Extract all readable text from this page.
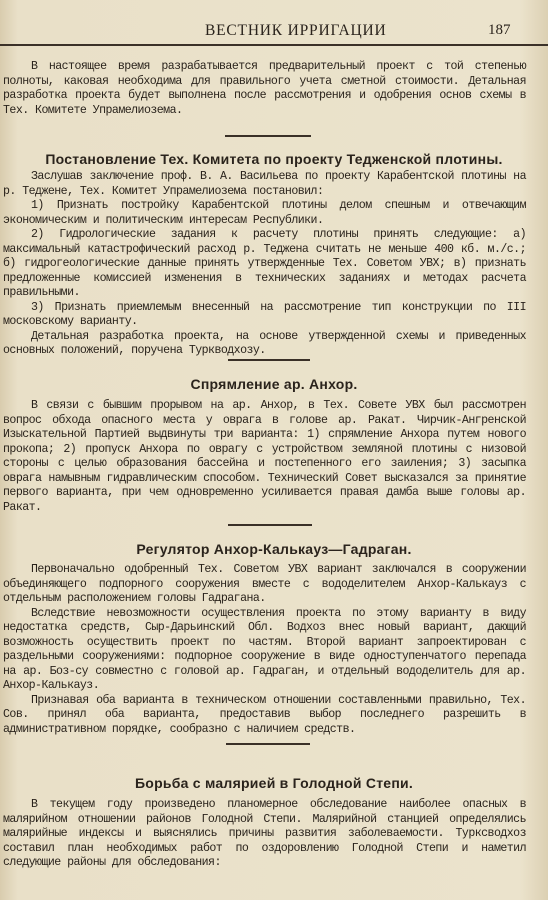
ВЕСТНИК ИРРИГАЦИИ	187

В настоящее время разрабатывается предварительный проект с той степенью полноты, каковая необходима для правильного учета сметной стоимости. Детальная разработка проекта будет выполнена после рассмотрения и одобрения основ схемы в Тех. Комитете Упрамелиозема.

Постановление Тех. Комитета по проекту Тедженской плотины.

Заслушав заключение проф. В. А. Васильева по проекту Карабентской плотины на р. Теджене, Тех. Комитет Упрамелиозема постановил:

1) Признать постройку Карабентской плотины делом спешным и отвечающим экономическим и политическим интересам Республики.

2) Гидрологические задания к расчету плотины принять следующие: а) максимальный катастрофический расход р. Теджена считать не меньше 400 кб. м./с.; б) гидрогеологические данные принять утвержденные Тех. Советом УВХ; в) признать предложенные комиссией изменения в технических заданиях и методах расчета правильными.

3) Признать приемлемым внесенный на рассмотрение тип конструкции по III московскому варианту.

Детальная разработка проекта, на основе утвержденной схемы и приведенных основных положений, поручена Турквoдхозу.

Спрямление ар. Анхор.

В связи с бывшим прорывом на ар. Анхор, в Тех. Совете УВХ был рассмотрен вопрос обхода опасного места у оврага в голове ар. Ракат. Чирчик-Ангренской Изыскательной Партией выдвинуты три варианта: 1) спрямление Анхора путем нового прокопа; 2) пропуск Анхора по оврагу с устройством земляной плотины с низовой стороны с целью образования бассейна и постепенного его заиления; 3) засыпка оврага намывным гидравлическим способом. Технический Совет высказался за принятие первого варианта, при чем одновременно усиливается правая дамба выше головы ар. Ракат.

Регулятор Анхор-Калькауз—Гадраган.

Первоначально одобренный Тех. Советом УВХ вариант заключался в сооружении объединяющего подпорного сооружения вместе с вододелителем Анхор-Калькауз с отдельным расположением головы Гадрагана.

Вследствие невозможности осуществления проекта по этому варианту в виду недостатка средств, Сыр-Дарьинский Обл. Водхоз внес новый вариант, дающий возможность осуществить проект по частям. Второй вариант запроектирован с раздельными сооружениями: подпорное сооружение в виде одноступенчатого перепада на ар. Боз-су совместно с головой ар. Гадраган, и отдельный вододелитель для ар. Анхор-Калькауз.

Признавая оба варианта в техническом отношении составленными правильно, Тех. Сов. принял оба варианта, предоставив выбор последнего разрешить в административном порядке, сообразно с наличием средств.

Борьба с малярией в Голодной Степи.

В текущем году произведено планомерное обследование наиболее опасных в малярийном отношении районов Голодной Степи. Малярийной станцией определялись малярийные индексы и выяснялись причины развития заболеваемости. Турксводхоз составил план необходимых работ по оздоровлению Голодной Степи и наметил следующие районы для обследования:
